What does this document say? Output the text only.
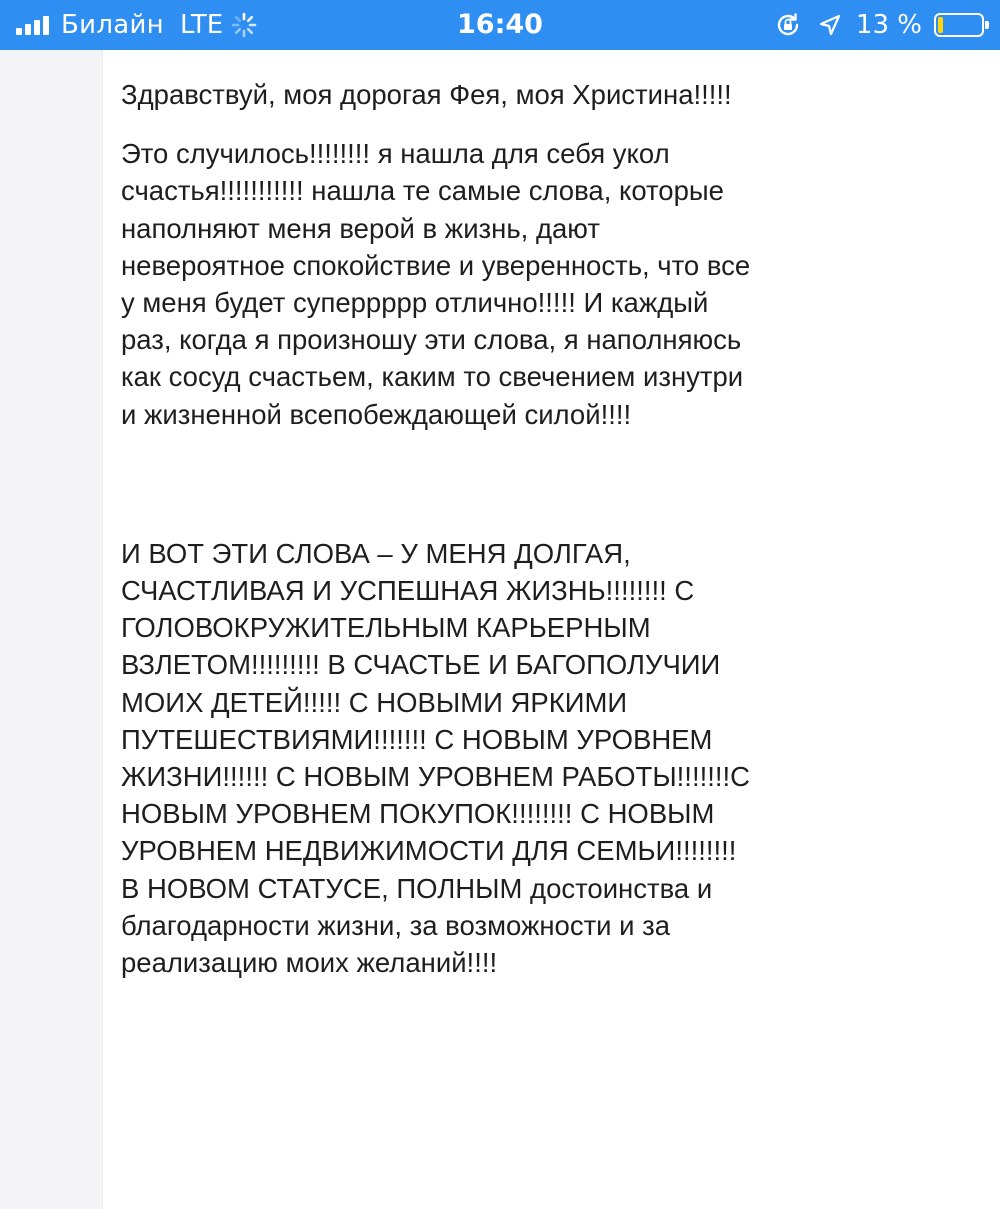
Билайн LTE	16:40	13 %

Здравствуй, моя дорогая Фея, моя Христина!!!!!

Это случилось!!!!!!!! я нашла для себя укол счастья!!!!!!!!!!! нашла те самые слова, которые наполняют меня верой в жизнь, дают невероятное спокойствие и уверенность, что все у меня будет суперрррр отлично!!!!! И каждый раз, когда я произношу эти слова, я наполняюсь как сосуд счастьем, каким то свечением изнутри и жизненной всепобеждающей силой!!!!

И ВОТ ЭТИ СЛОВА – У МЕНЯ ДОЛГАЯ, СЧАСТЛИВАЯ И УСПЕШНАЯ ЖИЗНЬ!!!!!!!! С ГОЛОВОКРУЖИТЕЛЬНЫМ КАРЬЕРНЫМ ВЗЛЕТОМ!!!!!!!!! В СЧАСТЬЕ И БАГОПОЛУЧИИ МОИХ ДЕТЕЙ!!!!! С НОВЫМИ ЯРКИМИ ПУТЕШЕСТВИЯМИ!!!!!!! С НОВЫМ УРОВНЕМ ЖИЗНИ!!!!!! С НОВЫМ УРОВНЕМ РАБОТЫ!!!!!!!С НОВЫМ УРОВНЕМ ПОКУПОК!!!!!!!! С НОВЫМ УРОВНЕМ НЕДВИЖИМОСТИ ДЛЯ СЕМЬИ!!!!!!!! В НОВОМ СТАТУСЕ, ПОЛНЫМ достоинства и благодарности жизни, за возможности и за реализацию моих желаний!!!!
